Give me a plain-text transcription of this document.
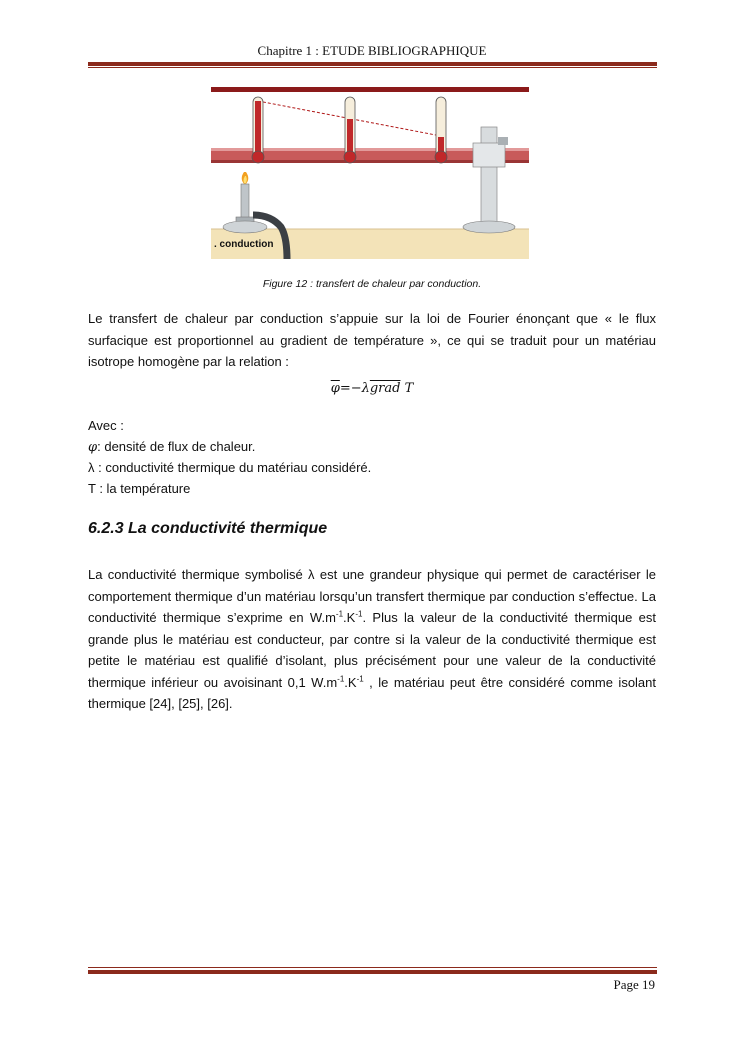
Chapitre 1 : ETUDE BIBLIOGRAPHIQUE
. conduction
Figure 12 : transfert de chaleur par conduction.

Le transfert de chaleur par conduction s’appuie sur la loi de Fourier énonçant que « le flux surfacique est proportionnel au gradient de température », ce qui se traduit pour un matériau isotrope homogène par la relation :

$\overline{\varphi}=-\lambda grad$ T
Avec :
φ: densité de flux de chaleur.
λ : conductivité thermique du matériau considéré.
T : la température
6.2.3 La conductivité thermique

La conductivité thermique symbolisé λ est une grandeur physique qui permet de caractériser le comportement thermique d’un matériau lorsqu’un transfert thermique par conduction s’effectue. La conductivité thermique s’exprime en $W.m^{-1}.K^{-1}$. Plus la valeur de la conductivité thermique est grande plus le matériau est conducteur, par contre si la valeur de la conductivité thermique est petite le matériau est qualifié d’isolant, plus précisément pour une valeur de la conductivité thermique inférieur ou avoisinant 0,1 $W.m^{-1}.K^{-1}$ , le matériau peut être considéré comme isolant thermique [24], [25], [26].

Page 19
